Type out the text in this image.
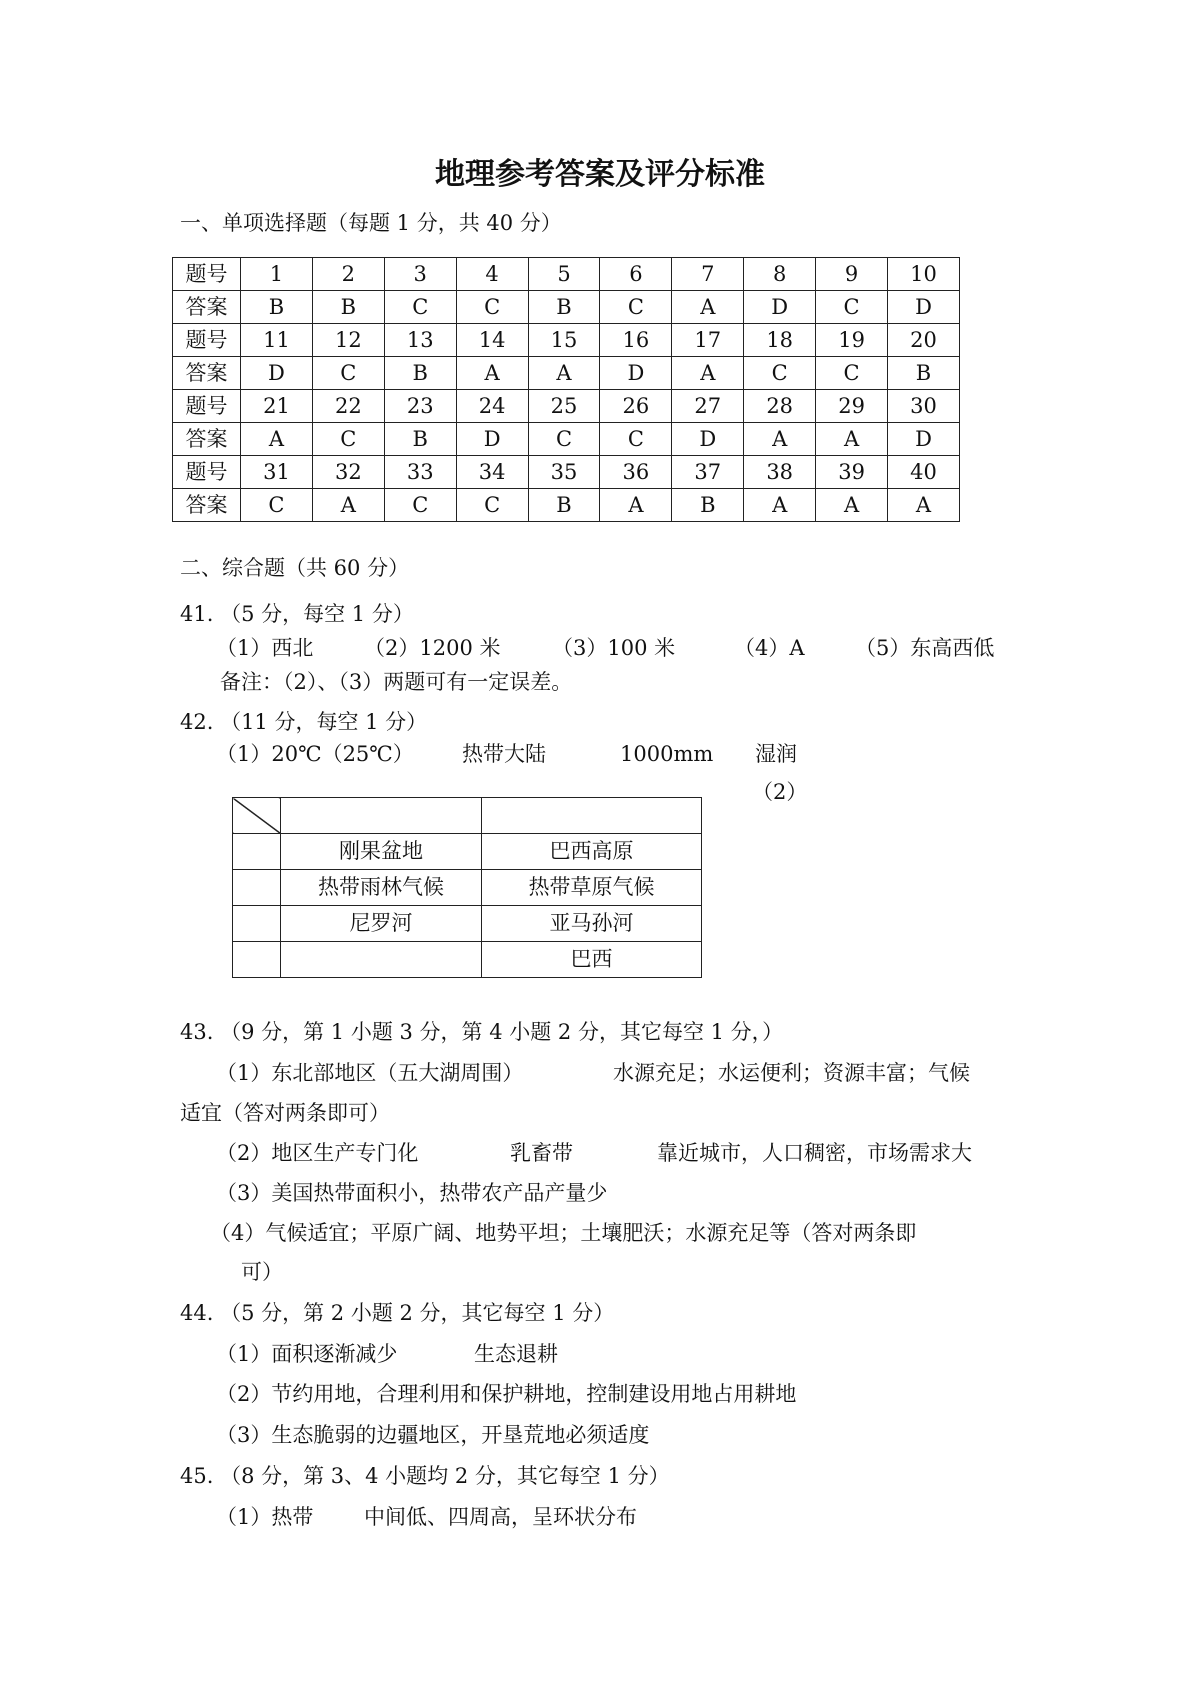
地理参考答案及评分标准
一、单项选择题（每题 1 分，共 40 分）
题号	1	2	3	4	5	6	7	8	9	10
答案	B	B	C	C	B	C	A	D	C	D
题号	11	12	13	14	15	16	17	18	19	20
答案	D	C	B	A	A	D	A	C	C	B
题号	21	22	23	24	25	26	27	28	29	30
答案	A	C	B	D	C	C	D	A	A	D
题号	31	32	33	34	35	36	37	38	39	40
答案	C	A	C	C	B	A	B	A	A	A
二、综合题（共 60 分）
41. （5 分，每空 1 分）
（1）西北 （2）1200 米 （3）100 米	（4）A （5）东高西低
备注：（2）、（3）两题可有一定误差。
42. （11 分，每空 1 分）
（1）20℃（25℃） 热带大陆	1000mm 湿润
（2）

	刚果盆地	巴西高原
	热带雨林气候	热带草原气候
	尼罗河	亚马孙河
		巴西
43. （9 分，第 1 小题 3 分，第 4 小题 2 分，其它每空 1 分，）
（1）东北部地区（五大湖周围）	水源充足；水运便利；资源丰富；气候
适宜（答对两条即可）
（2）地区生产专门化	乳畜带	靠近城市，人口稠密，市场需求大
（3）美国热带面积小，热带农产品产量少
（4）气候适宜；平原广阔、地势平坦；土壤肥沃；水源充足等（答对两条即
可）
44. （5 分，第 2 小题 2 分，其它每空 1 分）
（1）面积逐渐减少	生态退耕
（2）节约用地，合理利用和保护耕地，控制建设用地占用耕地
（3）生态脆弱的边疆地区，开垦荒地必须适度
45. （8 分，第 3、4 小题均 2 分，其它每空 1 分）
（1）热带 中间低、四周高，呈环状分布
